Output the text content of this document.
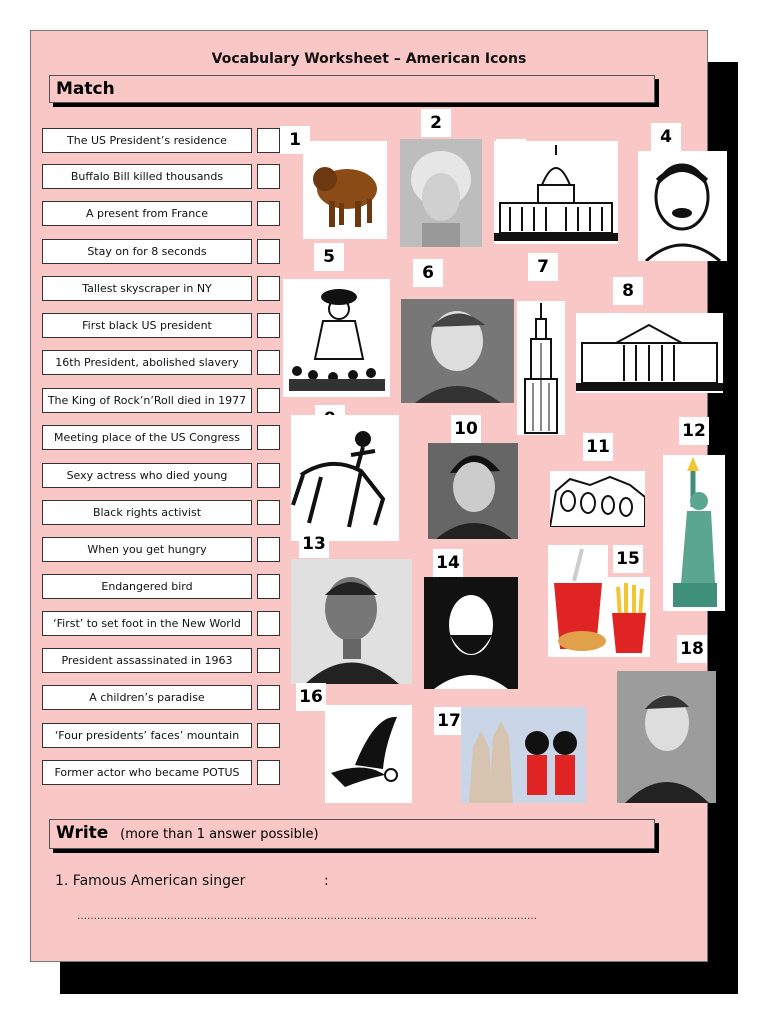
Vocabulary Worksheet – American Icons
Match
The US President’s residence
Buffalo Bill killed thousands
A present from France
Stay on for 8 seconds
Tallest skyscraper in NY
First black US president
16th President, abolished slavery
The King of Rock’n’Roll died in 1977
Meeting place of the US Congress
Sexy actress who died young
Black rights activist
When you get hungry
Endangered bird
‘First’ to set foot in the New World
President assassinated in 1963
A children’s paradise
‘Four presidents’ faces’ mountain
Former actor who became POTUS
1
2
4
5
6	7
8
10
11
12
13
14	15
16
17
18
Write (more than 1 answer possible)
1. Famous American singer	:
…………………………………………………………………………………………………………………………
